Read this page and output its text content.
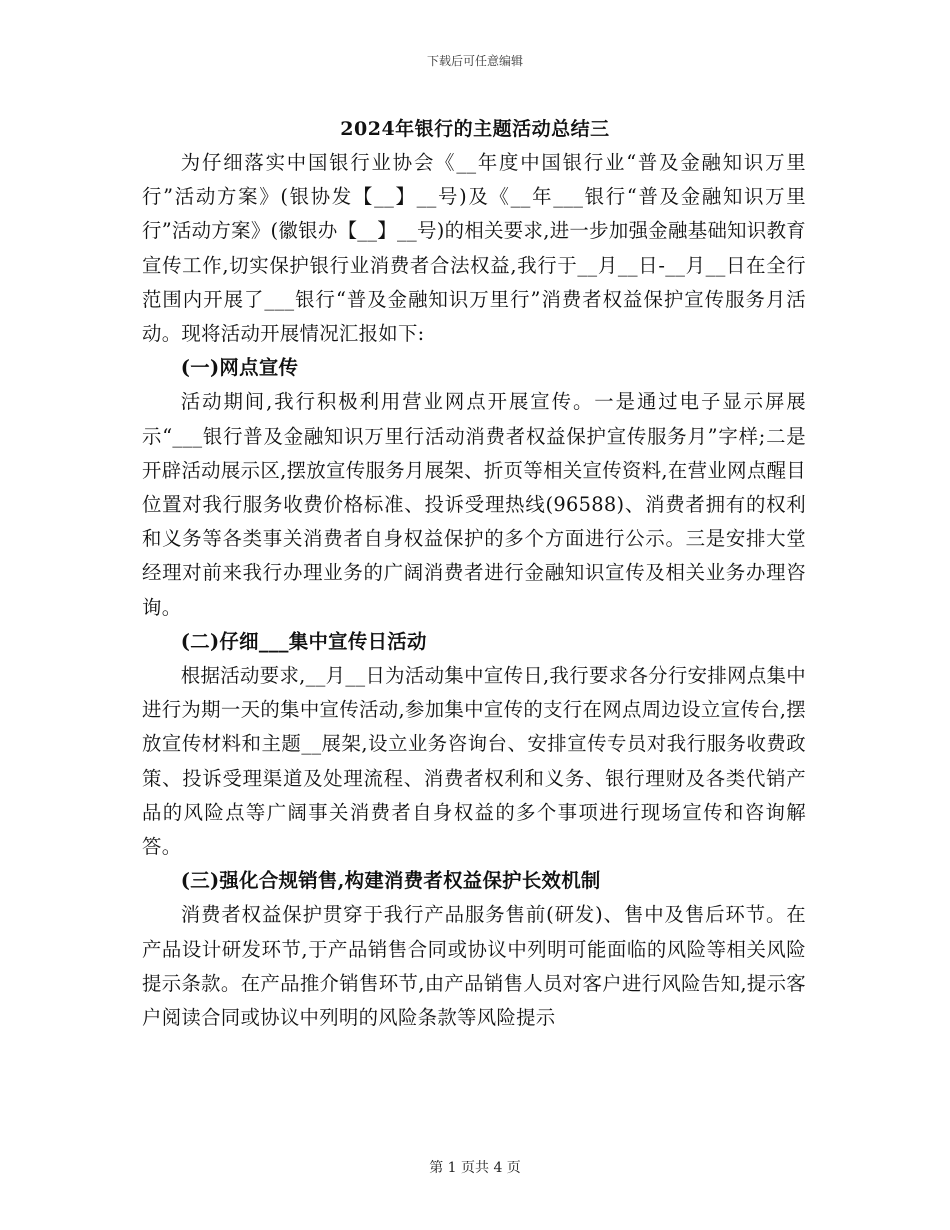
下载后可任意编辑
2024年银行的主题活动总结三

为仔细落实中国银行业协会《__年度中国银行业“普及金融知识万里行”活动方案》(银协发【__】__号)及《__年___银行“普及金融知识万里行”活动方案》(徽银办【__】__号)的相关要求,进一步加强金融基础知识教育宣传工作,切实保护银行业消费者合法权益,我行于__月__日-__月__日在全行范围内开展了___银行“普及金融知识万里行”消费者权益保护宣传服务月活动。现将活动开展情况汇报如下:

(一)网点宣传

活动期间,我行积极利用营业网点开展宣传。一是通过电子显示屏展示“___银行普及金融知识万里行活动消费者权益保护宣传服务月”字样;二是开辟活动展示区,摆放宣传服务月展架、折页等相关宣传资料,在营业网点醒目位置对我行服务收费价格标准、投诉受理热线(96588)、消费者拥有的权利和义务等各类事关消费者自身权益保护的多个方面进行公示。三是安排大堂经理对前来我行办理业务的广阔消费者进行金融知识宣传及相关业务办理咨询。

(二)仔细___集中宣传日活动

根据活动要求,__月__日为活动集中宣传日,我行要求各分行安排网点集中进行为期一天的集中宣传活动,参加集中宣传的支行在网点周边设立宣传台,摆放宣传材料和主题__展架,设立业务咨询台、安排宣传专员对我行服务收费政策、投诉受理渠道及处理流程、消费者权利和义务、银行理财及各类代销产品的风险点等广阔事关消费者自身权益的多个事项进行现场宣传和咨询解答。

(三)强化合规销售,构建消费者权益保护长效机制

消费者权益保护贯穿于我行产品服务售前(研发)、售中及售后环节。在产品设计研发环节,于产品销售合同或协议中列明可能面临的风险等相关风险提示条款。在产品推介销售环节,由产品销售人员对客户进行风险告知,提示客户阅读合同或协议中列明的风险条款等风险提示

第 1 页共 4 页
